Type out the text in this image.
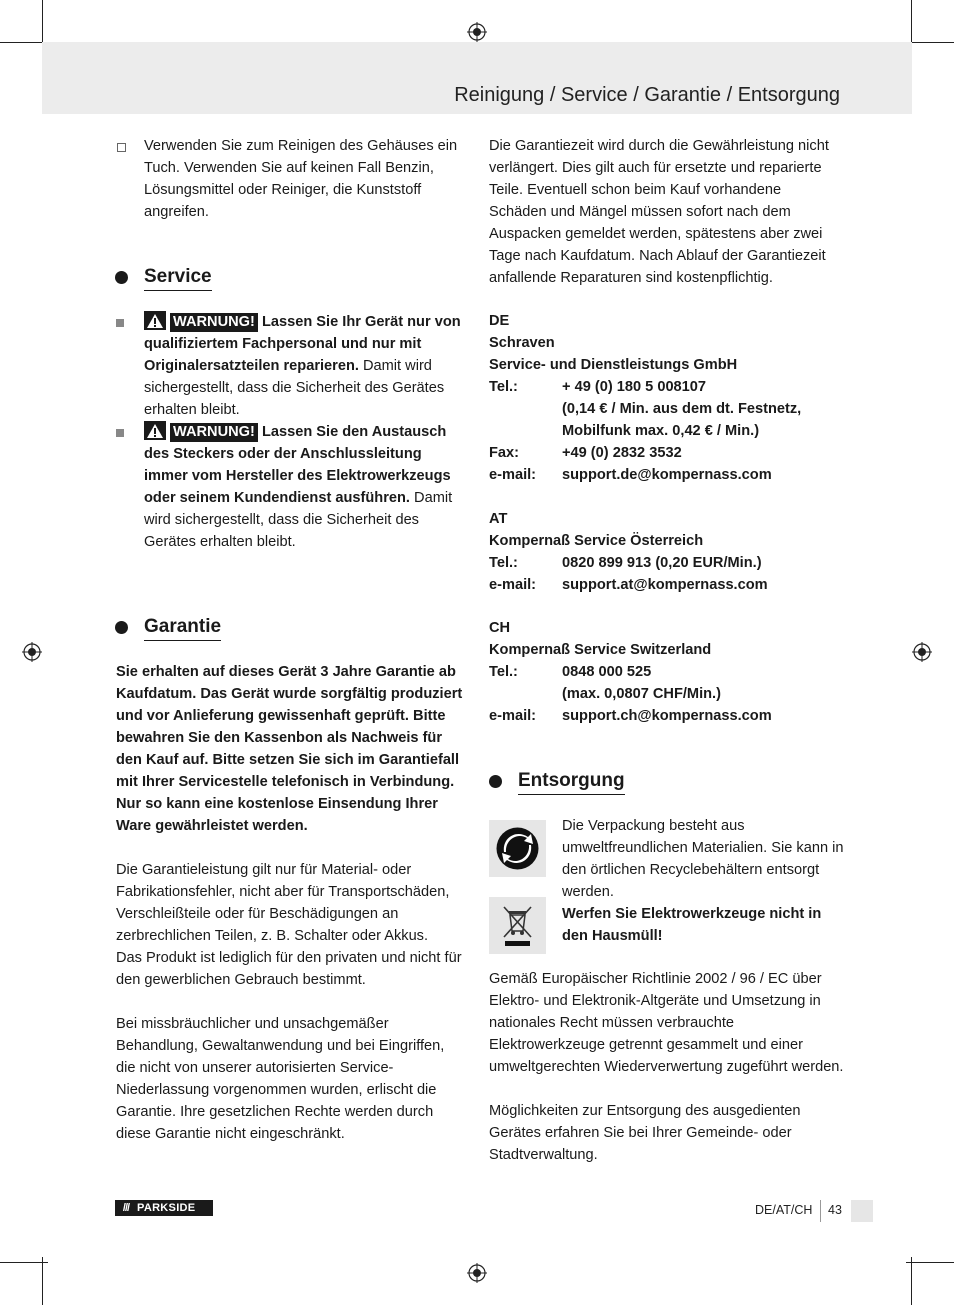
Reinigung / Service / Garantie / Entsorgung

Verwenden Sie zum Reinigen des Gehäuses ein Tuch. Verwenden Sie auf keinen Fall Benzin, Lösungsmittel oder Reiniger, die Kunststoff angreifen.

Service

WARNUNG! Lassen Sie Ihr Gerät nur von qualifiziertem Fachpersonal und nur mit Originalersatzteilen reparieren. Damit wird sichergestellt, dass die Sicherheit des Gerätes erhalten bleibt.

WARNUNG! Lassen Sie den Austausch des Steckers oder der Anschlussleitung immer vom Hersteller des Elektrowerkzeugs oder seinem Kundendienst ausführen. Damit wird sichergestellt, dass die Sicherheit des Gerätes erhalten bleibt.

Garantie

Sie erhalten auf dieses Gerät 3 Jahre Garantie ab Kaufdatum. Das Gerät wurde sorgfältig produziert und vor Anlieferung gewissenhaft geprüft. Bitte bewahren Sie den Kassenbon als Nachweis für den Kauf auf. Bitte setzen Sie sich im Garantiefall mit Ihrer Servicestelle telefonisch in Verbindung. Nur so kann eine kostenlose Einsendung Ihrer Ware gewährleistet werden.

Die Garantieleistung gilt nur für Material- oder Fabrikationsfehler, nicht aber für Transportschäden, Verschleißteile oder für Beschädigungen an zerbrechlichen Teilen, z. B. Schalter oder Akkus.

Das Produkt ist lediglich für den privaten und nicht für den gewerblichen Gebrauch bestimmt.

Bei missbräuchlicher und unsachgemäßer Behandlung, Gewaltanwendung und bei Eingriffen, die nicht von unserer autorisierten Service-Niederlassung vorgenommen wurden, erlischt die Garantie. Ihre gesetzlichen Rechte werden durch diese Garantie nicht eingeschränkt.

Die Garantiezeit wird durch die Gewährleistung nicht verlängert. Dies gilt auch für ersetzte und reparierte Teile. Eventuell schon beim Kauf vorhandene Schäden und Mängel müssen sofort nach dem Auspacken gemeldet werden, spätestens aber zwei Tage nach Kaufdatum. Nach Ablauf der Garantiezeit anfallende Reparaturen sind kostenpflichtig.

DE
Schraven
Service- und Dienstleistungs GmbH
Tel.:	+ 49 (0) 180 5 008107
(0,14 € / Min. aus dem dt. Festnetz,
Mobilfunk max. 0,42 € / Min.)
Fax:	+49 (0) 2832 3532
e-mail: support.de@kompernass.com
AT
Kompernaß Service Österreich
Tel.:	0820 899 913 (0,20 EUR/Min.)
e-mail: support.at@kompernass.com
CH
Kompernaß Service Switzerland
Tel.:	0848 000 525
(max. 0,0807 CHF/Min.)
e-mail: support.ch@kompernass.com
Entsorgung

Die Verpackung besteht aus umweltfreundlichen Materialien. Sie kann in den örtlichen Recyclebehältern entsorgt werden.

Werfen Sie Elektrowerkzeuge nicht in den Hausmüll!

Gemäß Europäischer Richtlinie 2002 / 96 / EC über Elektro- und Elektronik-Altgeräte und Umsetzung in nationales Recht müssen verbrauchte Elektrowerkzeuge getrennt gesammelt und einer umweltgerechten Wiederverwertung zugeführt werden.

Möglichkeiten zur Entsorgung des ausgedienten Gerätes erfahren Sie bei Ihrer Gemeinde- oder Stadtverwaltung.

/// PARKSIDE	DE/AT/CH 43
